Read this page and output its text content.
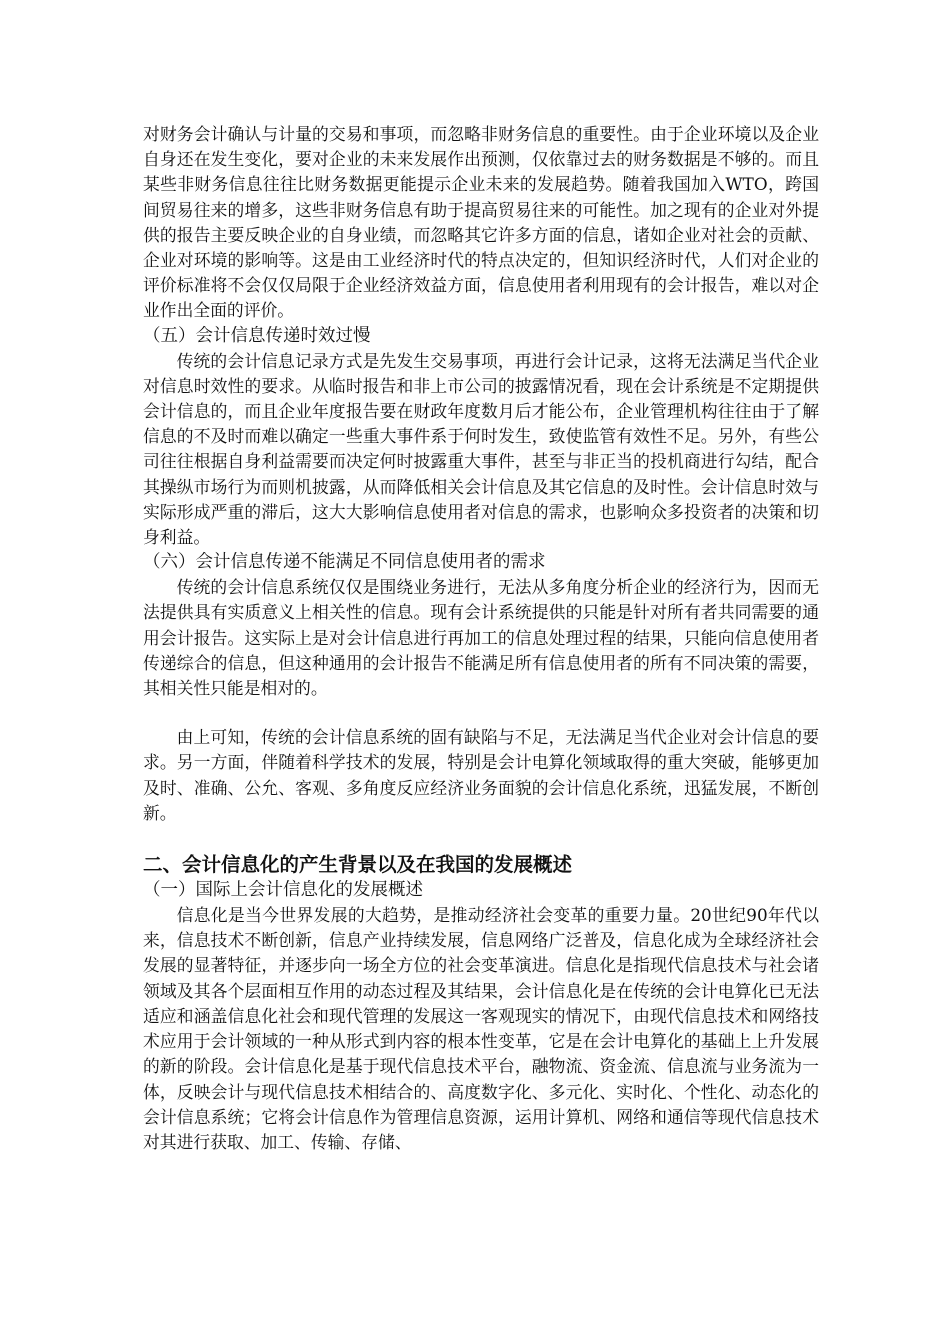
对财务会计确认与计量的交易和事项，而忽略非财务信息的重要性。由于企业环境以及企业自身还在发生变化，要对企业的未来发展作出预测，仅依靠过去的财务数据是不够的。而且某些非财务信息往往比财务数据更能提示企业未来的发展趋势。随着我国加入WTO，跨国间贸易往来的增多，这些非财务信息有助于提高贸易往来的可能性。加之现有的企业对外提供的报告主要反映企业的自身业绩，而忽略其它许多方面的信息，诸如企业对社会的贡献、企业对环境的影响等。这是由工业经济时代的特点决定的，但知识经济时代，人们对企业的评价标准将不会仅仅局限于企业经济效益方面，信息使用者利用现有的会计报告，难以对企业作出全面的评价。

（五）会计信息传递时效过慢

传统的会计信息记录方式是先发生交易事项，再进行会计记录，这将无法满足当代企业对信息时效性的要求。从临时报告和非上市公司的披露情况看，现在会计系统是不定期提供会计信息的，而且企业年度报告要在财政年度数月后才能公布，企业管理机构往往由于了解信息的不及时而难以确定一些重大事件系于何时发生，致使监管有效性不足。另外，有些公司往往根据自身利益需要而决定何时披露重大事件，甚至与非正当的投机商进行勾结，配合其操纵市场行为而则机披露，从而降低相关会计信息及其它信息的及时性。会计信息时效与实际形成严重的滞后，这大大影响信息使用者对信息的需求，也影响众多投资者的决策和切身利益。

（六）会计信息传递不能满足不同信息使用者的需求

传统的会计信息系统仅仅是围绕业务进行，无法从多角度分析企业的经济行为，因而无法提供具有实质意义上相关性的信息。现有会计系统提供的只能是针对所有者共同需要的通用会计报告。这实际上是对会计信息进行再加工的信息处理过程的结果，只能向信息使用者传递综合的信息，但这种通用的会计报告不能满足所有信息使用者的所有不同决策的需要，其相关性只能是相对的。

由上可知，传统的会计信息系统的固有缺陷与不足，无法满足当代企业对会计信息的要求。另一方面，伴随着科学技术的发展，特别是会计电算化领域取得的重大突破，能够更加及时、准确、公允、客观、多角度反应经济业务面貌的会计信息化系统，迅猛发展，不断创新。

二、会计信息化的产生背景以及在我国的发展概述
（一）国际上会计信息化的发展概述

信息化是当今世界发展的大趋势，是推动经济社会变革的重要力量。20世纪90年代以来，信息技术不断创新，信息产业持续发展，信息网络广泛普及，信息化成为全球经济社会发展的显著特征，并逐步向一场全方位的社会变革演进。信息化是指现代信息技术与社会诸领域及其各个层面相互作用的动态过程及其结果，会计信息化是在传统的会计电算化已无法适应和涵盖信息化社会和现代管理的发展这一客观现实的情况下，由现代信息技术和网络技术应用于会计领域的一种从形式到内容的根本性变革，它是在会计电算化的基础上上升发展的新的阶段。会计信息化是基于现代信息技术平台，融物流、资金流、信息流与业务流为一体，反映会计与现代信息技术相结合的、高度数字化、多元化、实时化、个性化、动态化的会计信息系统；它将会计信息作为管理信息资源，运用计算机、网络和通信等现代信息技术对其进行获取、加工、传输、存储、
